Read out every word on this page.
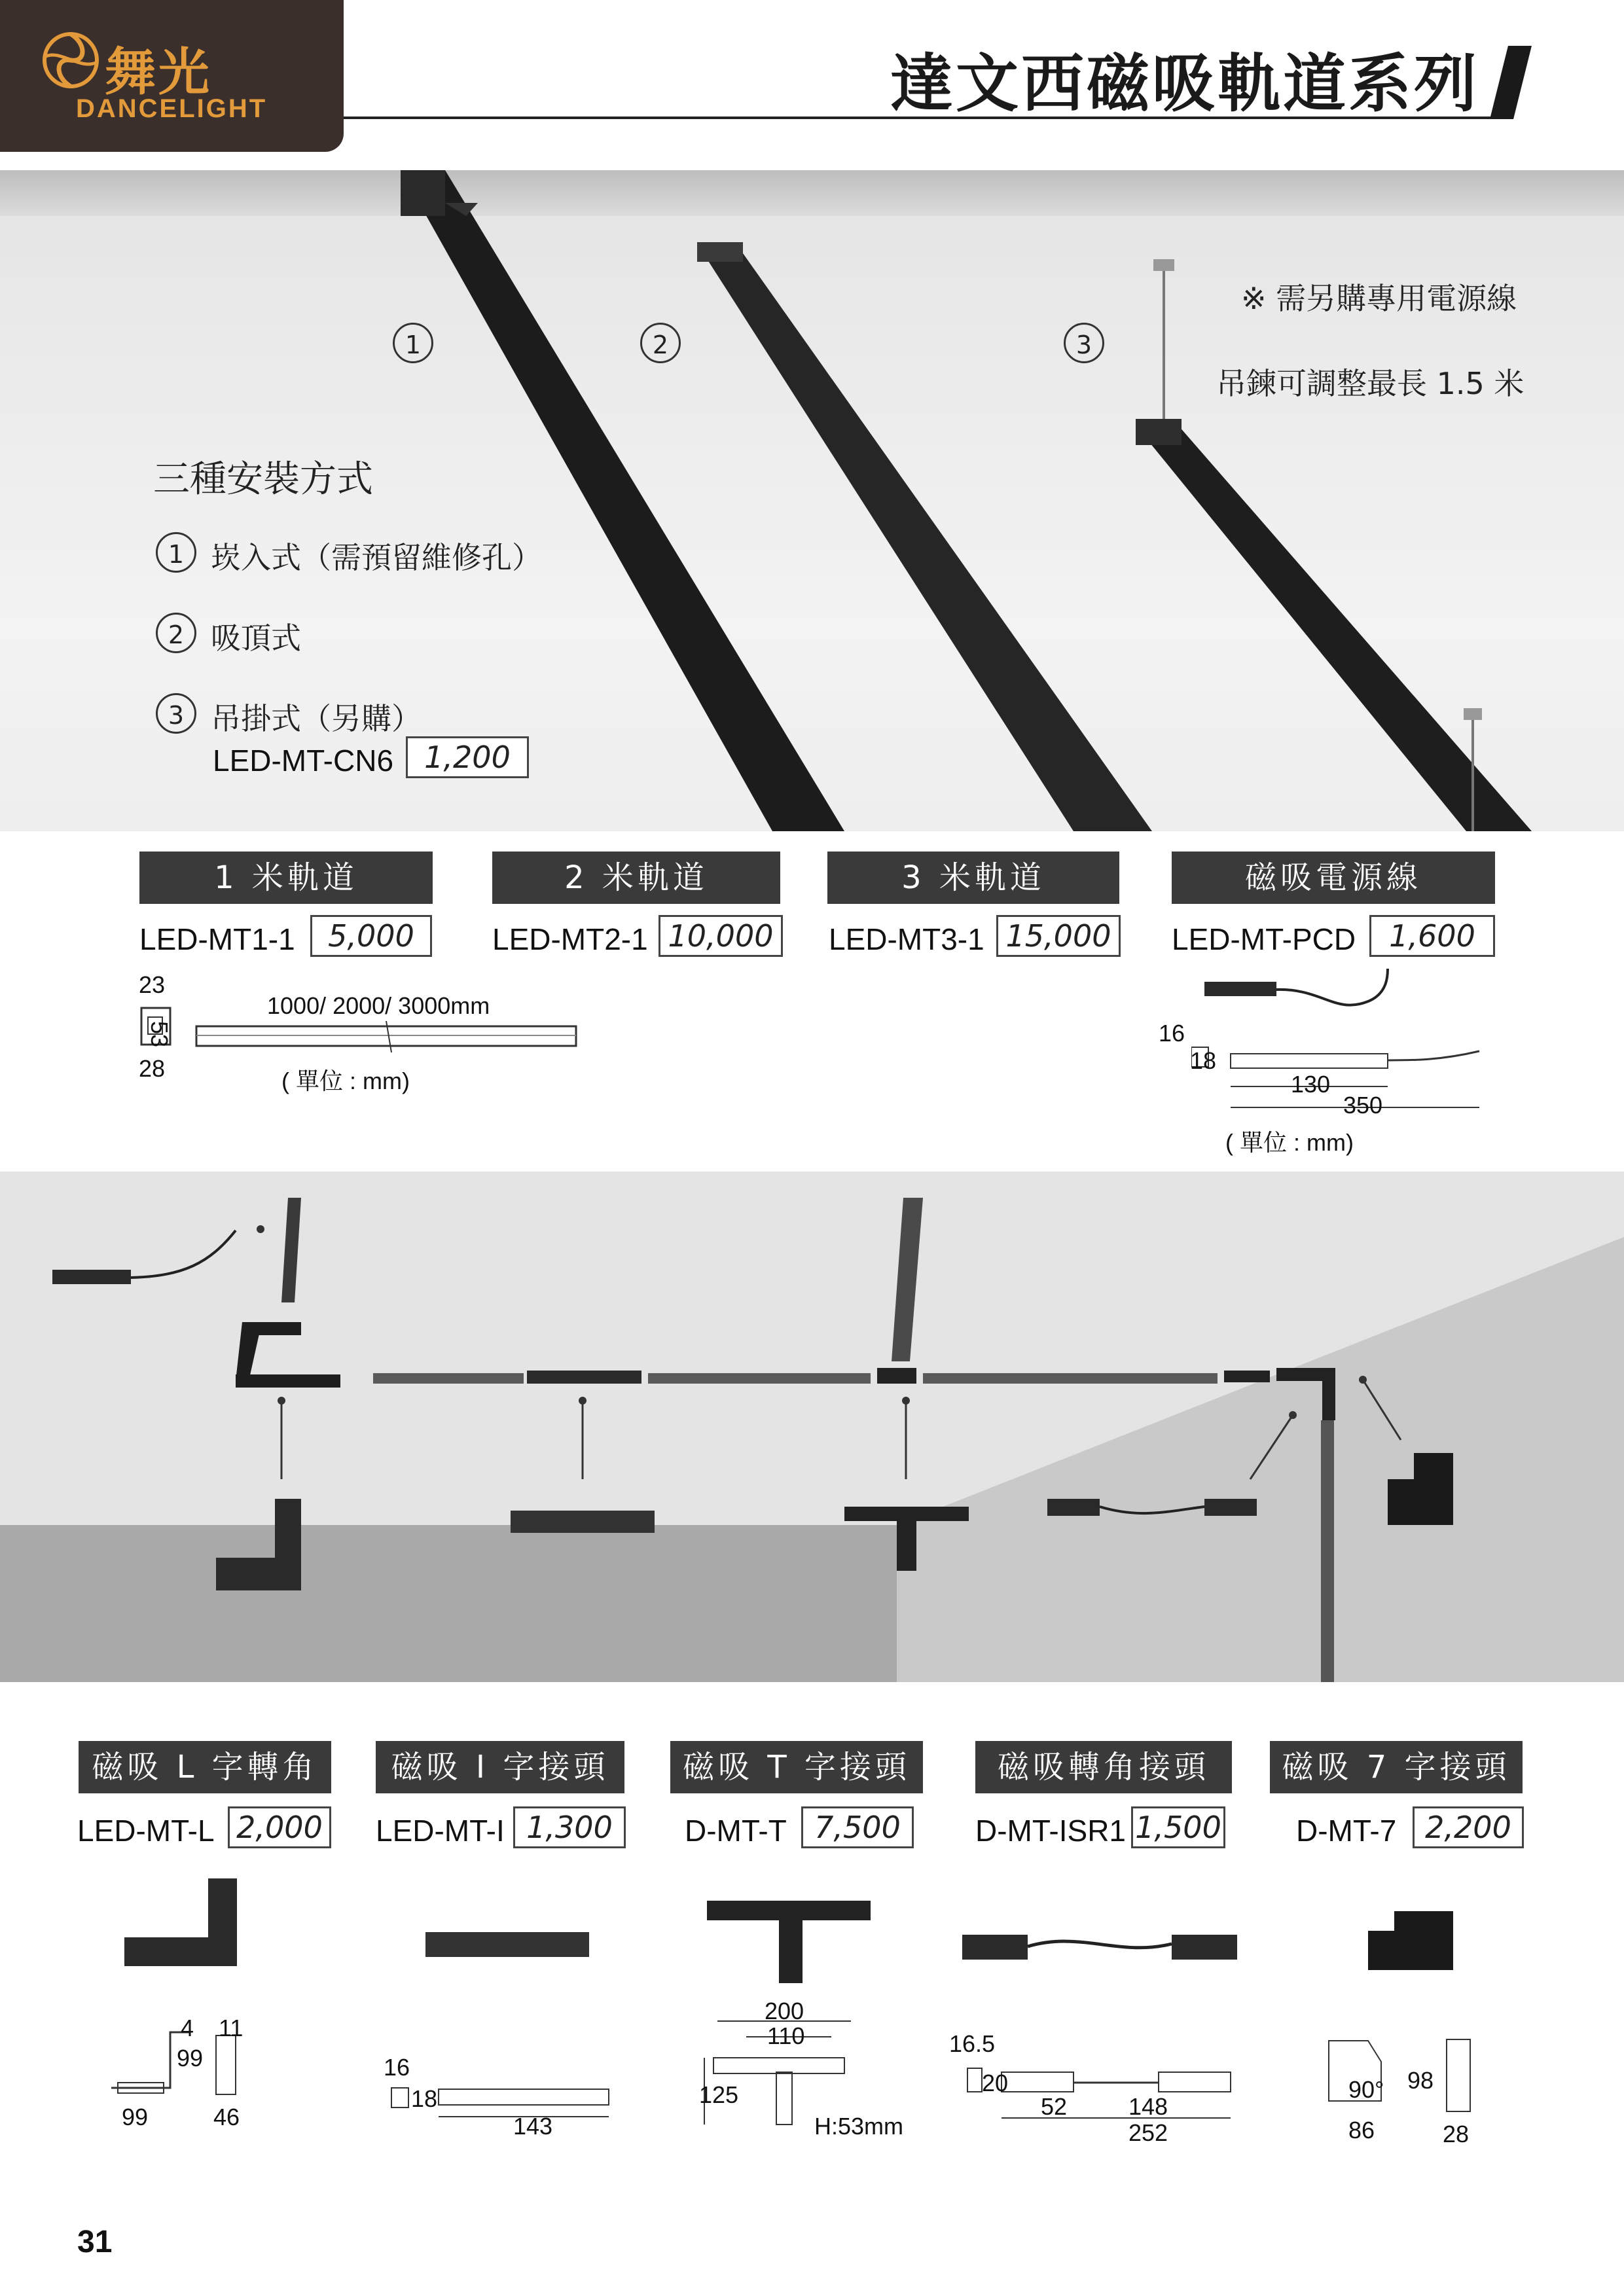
舞光
DANCELIGHT	達文西磁吸軌道系列
1	2	3
※ 需另購專用電源線
吊鍊可調整最長 1.5 米
三種安裝方式
1 崁入式（需預留維修孔）
2 吸頂式
3 吊掛式（另購）
LED-MT-CN6	1,200
1 米軌道	2 米軌道	3 米軌道	磁吸電源線
LED-MT1-1	5,000	LED-MT2-1 10,000	LED-MT3-1 15,000	LED-MT-PCD	1,600
23
53
28
1000/ 2000/ 3000mm
( 單位 : mm)
16
18
130
350
( 單位 : mm)
磁吸 L 字轉角	磁吸 I 字接頭	磁吸 T 字接頭	磁吸轉角接頭	磁吸 7 字接頭
LED-MT-L 2,000 LED-MT-I 1,300	D-MT-T 7,500	D-MT-ISR1 1,500 D-MT-7 2,200
4 11
99
99	46
16
18
143
200
110
125
H:53mm
16.5
20
52	148
252
90° 98
86	28
31
